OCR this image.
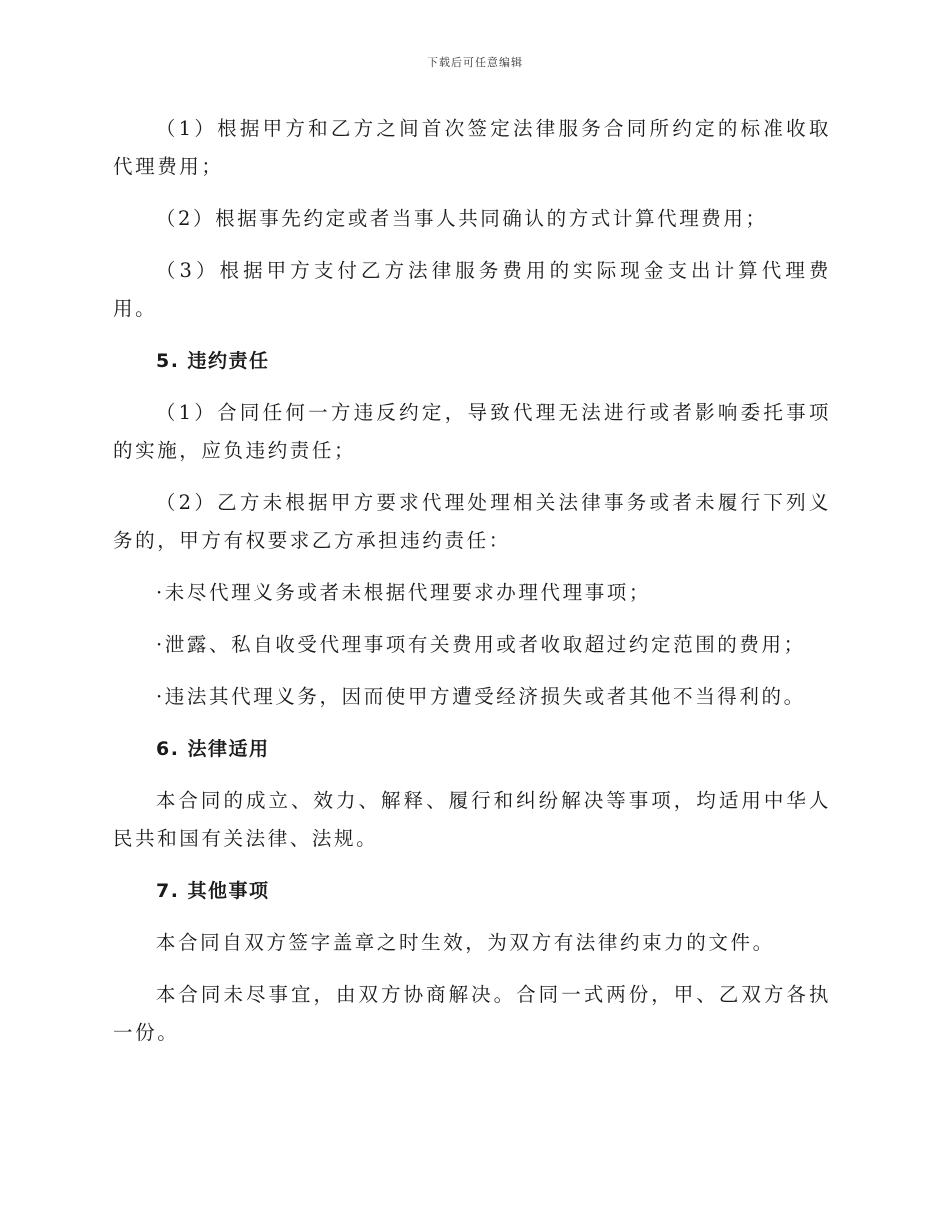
下载后可任意编辑

（1）根据甲方和乙方之间首次签定法律服务合同所约定的标准收取代理费用；

（2）根据事先约定或者当事人共同确认的方式计算代理费用；

（3）根据甲方支付乙方法律服务费用的实际现金支出计算代理费用。

5. 违约责任

（1）合同任何一方违反约定，导致代理无法进行或者影响委托事项的实施，应负违约责任；

（2）乙方未根据甲方要求代理处理相关法律事务或者未履行下列义务的，甲方有权要求乙方承担违约责任：

·未尽代理义务或者未根据代理要求办理代理事项；

·泄露、私自收受代理事项有关费用或者收取超过约定范围的费用；

·违法其代理义务，因而使甲方遭受经济损失或者其他不当得利的。

6. 法律适用

本合同的成立、效力、解释、履行和纠纷解决等事项，均适用中华人民共和国有关法律、法规。

7. 其他事项

本合同自双方签字盖章之时生效，为双方有法律约束力的文件。

本合同未尽事宜，由双方协商解决。合同一式两份，甲、乙双方各执一份。
